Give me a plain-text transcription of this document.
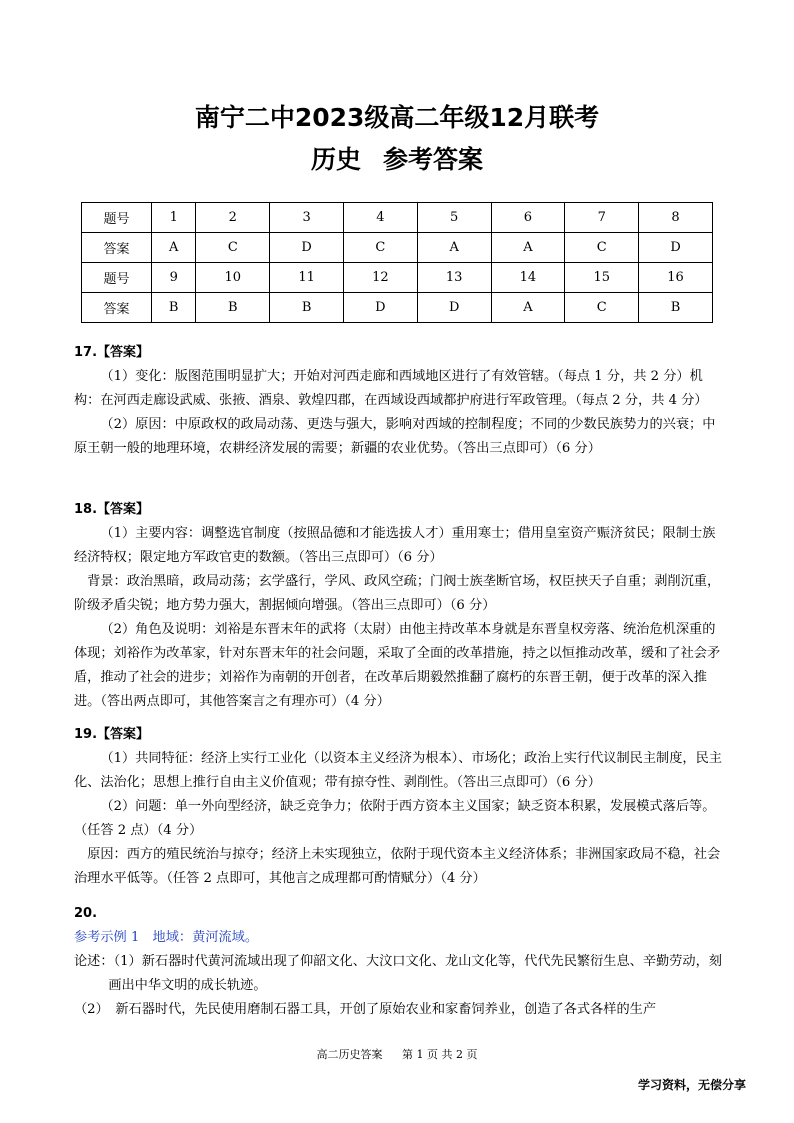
南宁二中2023级高二年级12月联考
历史 参考答案
题号	1	2	3	4	5	6	7	8
答案	A	C	D	C	A	A	C	D
题号	9	10	11	12	13	14	15	16
答案	B	B	B	D	D	A	C	B

17.【答案】

（1）变化：版图范围明显扩大；开始对河西走廊和西域地区进行了有效管辖。（每点 1 分，共 2 分）机构：在河西走廊设武威、张掖、酒泉、敦煌四郡，在西域设西域都护府进行军政管理。（每点 2 分，共 4 分）

（2）原因：中原政权的政局动荡、更迭与强大，影响对西域的控制程度；不同的少数民族势力的兴衰；中原王朝一般的地理环境，农耕经济发展的需要；新疆的农业优势。（答出三点即可）（6 分）

18.【答案】

（1）主要内容：调整选官制度（按照品德和才能选拔人才）重用寒士；借用皇室资产赈济贫民；限制士族经济特权；限定地方军政官吏的数额。（答出三点即可）（6 分）

背景：政治黑暗，政局动荡；玄学盛行，学风、政风空疏；门阀士族垄断官场，权臣挟天子自重；剥削沉重，阶级矛盾尖锐；地方势力强大，割据倾向增强。（答出三点即可）（6 分）

（2）角色及说明：刘裕是东晋末年的武将（太尉）由他主持改革本身就是东晋皇权旁落、统治危机深重的体现；刘裕作为改革家，针对东晋末年的社会问题，采取了全面的改革措施，持之以恒推动改革，缓和了社会矛盾，推动了社会的进步；刘裕作为南朝的开创者，在改革后期毅然推翻了腐朽的东晋王朝，便于改革的深入推进。（答出两点即可，其他答案言之有理亦可）（4 分）

19.【答案】

（1）共同特征：经济上实行工业化（以资本主义经济为根本）、市场化；政治上实行代议制民主制度，民主化、法治化；思想上推行自由主义价值观；带有掠夺性、剥削性。（答出三点即可）（6 分）

（2）问题：单一外向型经济，缺乏竞争力；依附于西方资本主义国家；缺乏资本积累，发展模式落后等。（任答 2 点）（4 分）

原因：西方的殖民统治与掠夺；经济上未实现独立，依附于现代资本主义经济体系；非洲国家政局不稳，社会治理水平低等。（任答 2 点即可，其他言之成理都可酌情赋分）（4 分）

20.

参考示例 1　地域：黄河流域。

论述：（1）新石器时代黄河流域出现了仰韶文化、大汶口文化、龙山文化等，代代先民繁衍生息、辛勤劳动，刻画出中华文明的成长轨迹。

（2）　新石器时代，先民使用磨制石器工具，开创了原始农业和家畜饲养业，创造了各式各样的生产

高二历史答案 第 1 页 共 2 页
学习资料，无偿分享
